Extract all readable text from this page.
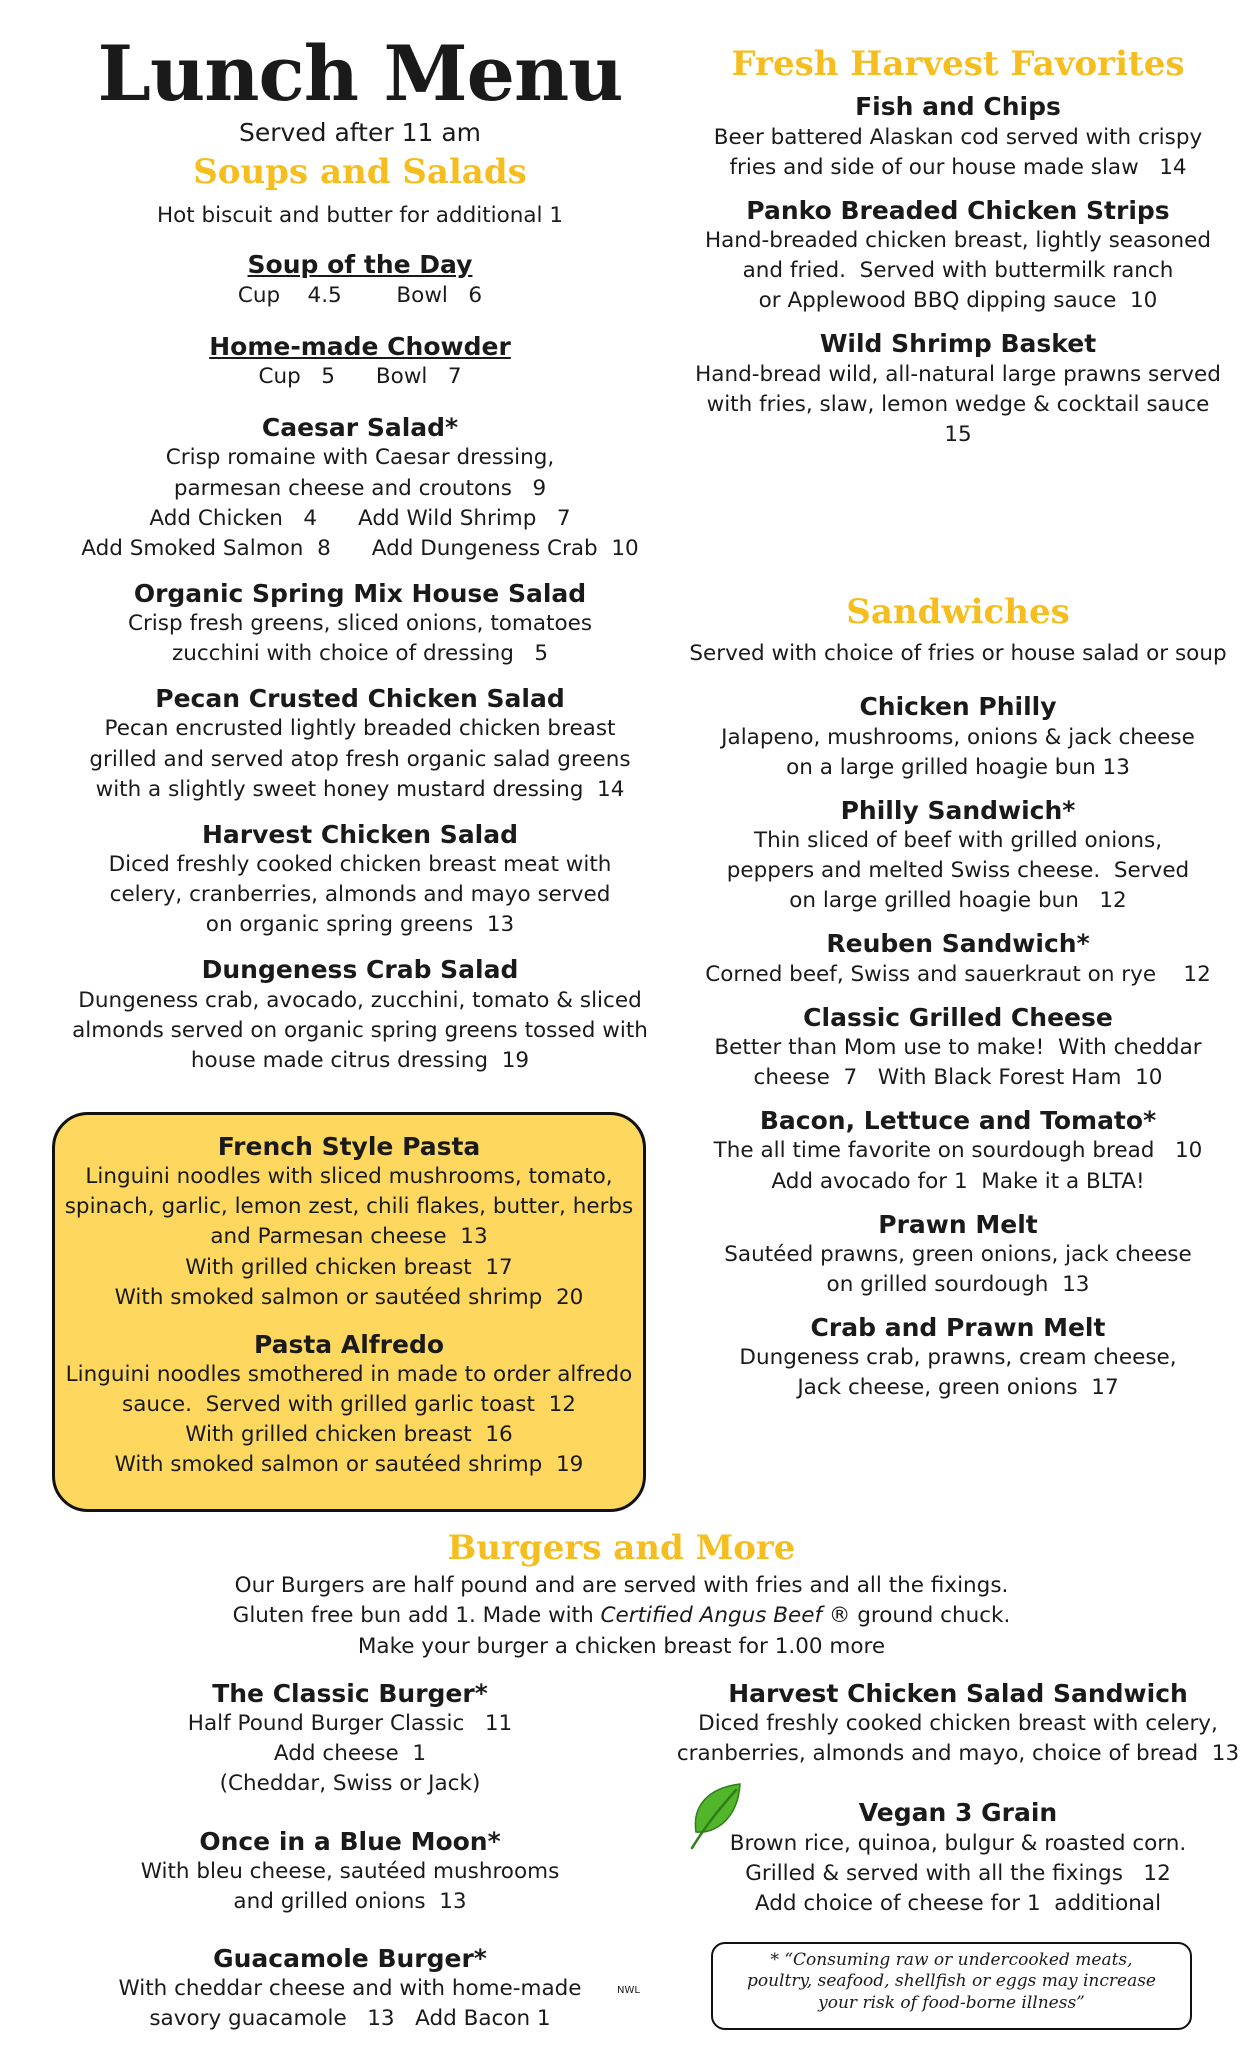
Lunch Menu
Served after 11 am
Soups and Salads
Hot biscuit and butter for additional 1
Soup of the Day
Cup    4.5        Bowl   6
Home-made Chowder
Cup   5      Bowl   7
Caesar Salad*
Crisp romaine with Caesar dressing,
parmesan cheese and croutons   9
Add Chicken   4      Add Wild Shrimp   7
Add Smoked Salmon  8      Add Dungeness Crab  10
Organic Spring Mix House Salad
Crisp fresh greens, sliced onions, tomatoes
zucchini with choice of dressing   5
Pecan Crusted Chicken Salad
Pecan encrusted lightly breaded chicken breast
grilled and served atop fresh organic salad greens
with a slightly sweet honey mustard dressing  14
Harvest Chicken Salad
Diced freshly cooked chicken breast meat with
celery, cranberries, almonds and mayo served
on organic spring greens  13
Dungeness Crab Salad
Dungeness crab, avocado, zucchini, tomato & sliced
almonds served on organic spring greens tossed with
house made citrus dressing  19
French Style Pasta
Linguini noodles with sliced mushrooms, tomato,
spinach, garlic, lemon zest, chili flakes, butter, herbs
and Parmesan cheese  13
With grilled chicken breast  17
With smoked salmon or sautéed shrimp  20
Pasta Alfredo
Linguini noodles smothered in made to order alfredo
sauce.  Served with grilled garlic toast  12
With grilled chicken breast  16
With smoked salmon or sautéed shrimp  19
Fresh Harvest Favorites
Fish and Chips
Beer battered Alaskan cod served with crispy
fries and side of our house made slaw   14
Panko Breaded Chicken Strips
Hand-breaded chicken breast, lightly seasoned
and fried.  Served with buttermilk ranch
or Applewood BBQ dipping sauce  10
Wild Shrimp Basket
Hand-bread wild, all-natural large prawns served
with fries, slaw, lemon wedge & cocktail sauce
15
Sandwiches
Served with choice of fries or house salad or soup
Chicken Philly
Jalapeno, mushrooms, onions & jack cheese
on a large grilled hoagie bun 13
Philly Sandwich*
Thin sliced of beef with grilled onions,
peppers and melted Swiss cheese.  Served
on large grilled hoagie bun   12
Reuben Sandwich*
Corned beef, Swiss and sauerkraut on rye    12
Classic Grilled Cheese
Better than Mom use to make!  With cheddar
cheese  7   With Black Forest Ham  10
Bacon, Lettuce and Tomato*
The all time favorite on sourdough bread   10
Add avocado for 1  Make it a BLTA!
Prawn Melt
Sautéed prawns, green onions, jack cheese
on grilled sourdough  13
Crab and Prawn Melt
Dungeness crab, prawns, cream cheese,
Jack cheese, green onions  17
Burgers and More
Our Burgers are half pound and are served with fries and all the fixings.
Gluten free bun add 1. Made with Certified Angus Beef ® ground chuck.
Make your burger a chicken breast for 1.00 more
The Classic Burger*
Half Pound Burger Classic   11
Add cheese  1
(Cheddar, Swiss or Jack)
Once in a Blue Moon*
With bleu cheese, sautéed mushrooms
and grilled onions  13
Guacamole Burger*
With cheddar cheese and with home-made
savory guacamole   13   Add Bacon 1
Harvest Chicken Salad Sandwich
Diced freshly cooked chicken breast with celery,
cranberries, almonds and mayo, choice of bread  13
Vegan 3 Grain
Brown rice, quinoa, bulgur & roasted corn.
Grilled & served with all the fixings   12
Add choice of cheese for 1  additional
NWL
* “Consuming raw or undercooked meats,
poultry, seafood, shellfish or eggs may increase
your risk of food-borne illness”
